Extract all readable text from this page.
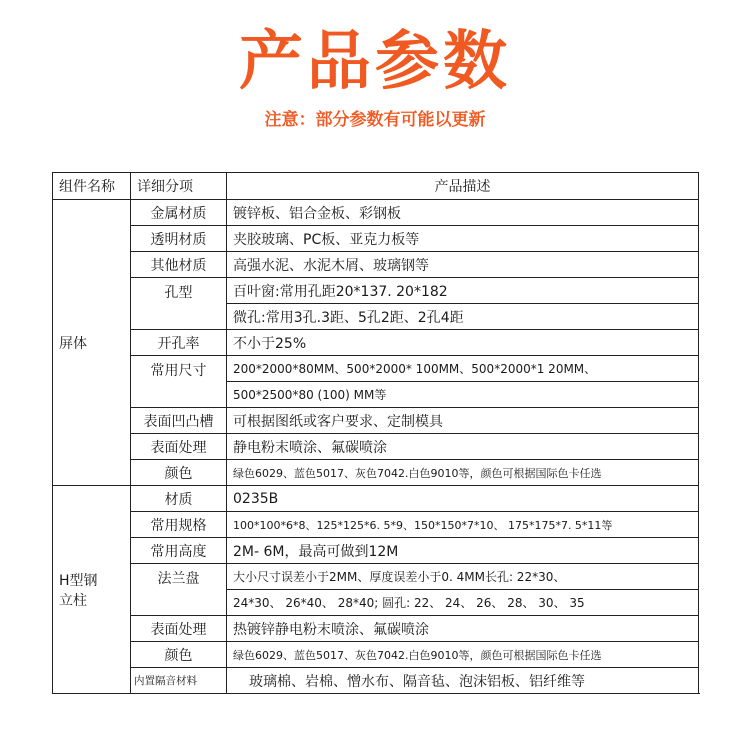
产品参数
注意：部分参数有可能以更新
组件名称	详细分项	产品描述
屏体	金属材质	镀锌板、铝合金板、彩钢板
	透明材质	夹胶玻璃、PC板、亚克力板等
	其他材质	高强水泥、水泥木屑、玻璃钢等
	孔型	百叶窗:常用孔距20*137. 20*182
		微孔:常用3孔.3距、5孔2距、2孔4距
	开孔率	不小于25%
	常用尺寸	200*2000*80MM、500*2000* 100MM、500*2000*1 20MM、
		500*2500*80 (100) MM等
	表面凹凸槽	可根据图纸或客户要求、定制模具
	表面处理	静电粉末喷涂、氟碳喷涂
	颜色	绿色6029、蓝色5017、灰色7042.白色9010等，颜色可根据国际色卡任选

H型钢
立柱	材质	0235B
	常用规格	100*100*6*8、125*125*6. 5*9、150*150*7*10、 175*175*7. 5*11等
	常用高度	2M- 6M，最高可做到12M
	法兰盘	大小尺寸误差小于2MM、厚度误差小于0. 4MM长孔: 22*30、
		24*30、 26*40、 28*40; 圆孔: 22、 24、 26、 28、 30、 35
	表面处理	热镀锌静电粉末喷涂、氟碳喷涂
	颜色	绿色6029、蓝色5017、灰色7042.白色9010等，颜色可根据国际色卡任选
	内置隔音材料	玻璃棉、岩棉、憎水布、隔音毡、泡沫铝板、铝纤维等
